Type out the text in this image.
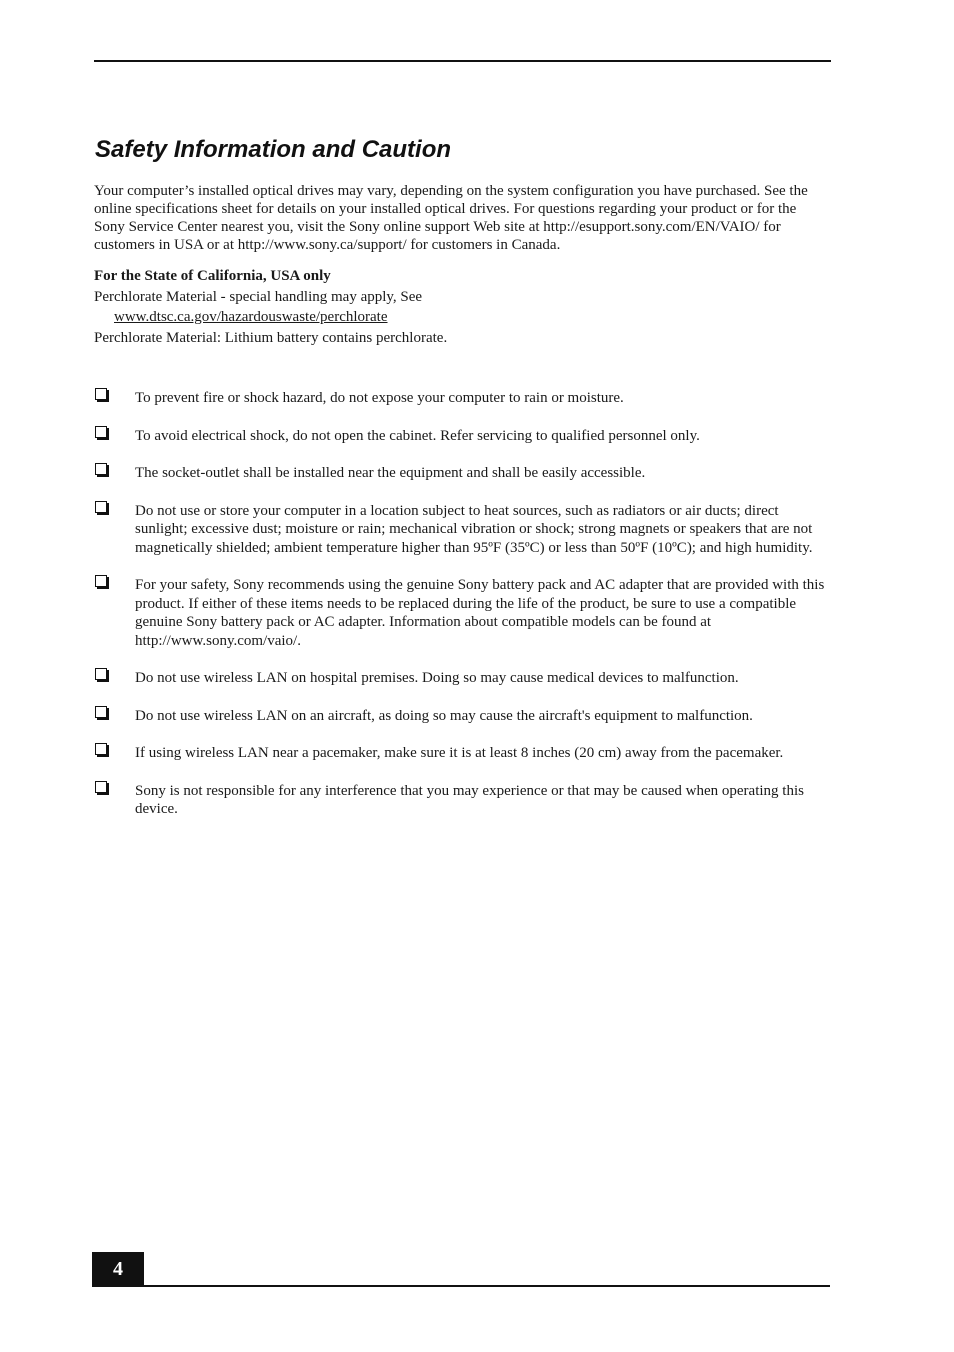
Safety Information and Caution

Your computer’s installed optical drives may vary, depending on the system configuration you have purchased. See the online specifications sheet for details on your installed optical drives. For questions regarding your product or for the Sony Service Center nearest you, visit the Sony online support Web site at http://esupport.sony.com/EN/VAIO/ for customers in USA or at http://www.sony.ca/support/ for customers in Canada.

For the State of California, USA only

Perchlorate Material - special handling may apply, See

www.dtsc.ca.gov/hazardouswaste/perchlorate

Perchlorate Material: Lithium battery contains perchlorate.

To prevent fire or shock hazard, do not expose your computer to rain or moisture.
To avoid electrical shock, do not open the cabinet. Refer servicing to qualified personnel only.
The socket-outlet shall be installed near the equipment and shall be easily accessible.
Do not use or store your computer in a location subject to heat sources, such as radiators or air ducts; direct sunlight; excessive dust; moisture or rain; mechanical vibration or shock; strong magnets or speakers that are not magnetically shielded; ambient temperature higher than 95ºF (35ºC) or less than 50ºF (10ºC); and high humidity.
For your safety, Sony recommends using the genuine Sony battery pack and AC adapter that are provided with this product. If either of these items needs to be replaced during the life of the product, be sure to use a compatible genuine Sony battery pack or AC adapter. Information about compatible models can be found at http://www.sony.com/vaio/.
Do not use wireless LAN on hospital premises. Doing so may cause medical devices to malfunction.
Do not use wireless LAN on an aircraft, as doing so may cause the aircraft's equipment to malfunction.
If using wireless LAN near a pacemaker, make sure it is at least 8 inches (20 cm) away from the pacemaker.
Sony is not responsible for any interference that you may experience or that may be caused when operating this device.
4
